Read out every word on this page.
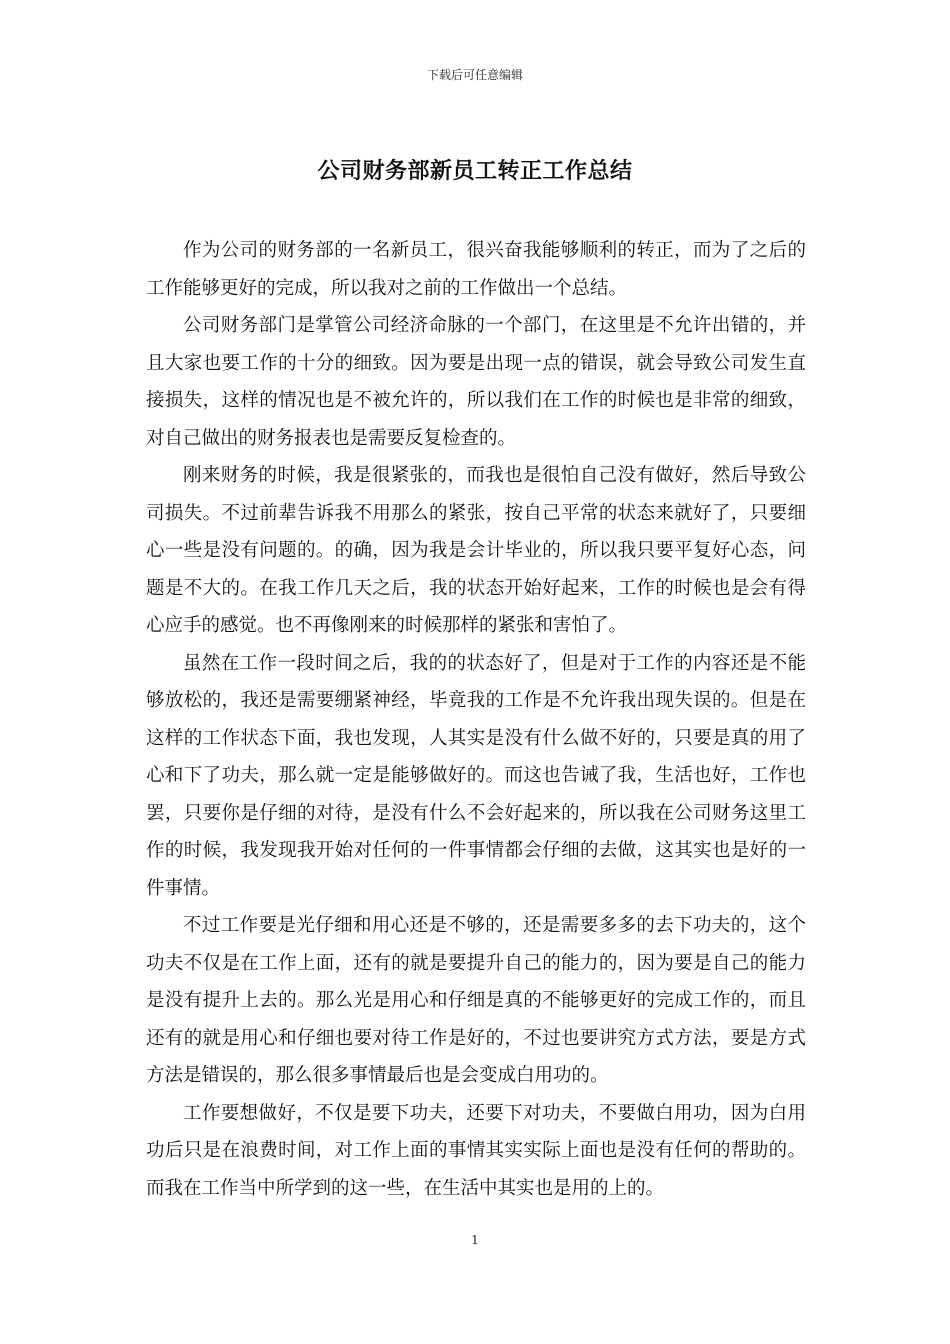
下载后可任意编辑
公司财务部新员工转正工作总结

作为公司的财务部的一名新员工，很兴奋我能够顺利的转正，而为了之后的工作能够更好的完成，所以我对之前的工作做出一个总结。

公司财务部门是掌管公司经济命脉的一个部门，在这里是不允许出错的，并且大家也要工作的十分的细致。因为要是出现一点的错误，就会导致公司发生直接损失，这样的情况也是不被允许的，所以我们在工作的时候也是非常的细致，对自己做出的财务报表也是需要反复检查的。

刚来财务的时候，我是很紧张的，而我也是很怕自己没有做好，然后导致公司损失。不过前辈告诉我不用那么的紧张，按自己平常的状态来就好了，只要细心一些是没有问题的。的确，因为我是会计毕业的，所以我只要平复好心态，问题是不大的。在我工作几天之后，我的状态开始好起来，工作的时候也是会有得心应手的感觉。也不再像刚来的时候那样的紧张和害怕了。

虽然在工作一段时间之后，我的的状态好了，但是对于工作的内容还是不能够放松的，我还是需要绷紧神经，毕竟我的工作是不允许我出现失误的。但是在这样的工作状态下面，我也发现，人其实是没有什么做不好的，只要是真的用了心和下了功夫，那么就一定是能够做好的。而这也告诫了我，生活也好，工作也罢，只要你是仔细的对待，是没有什么不会好起来的，所以我在公司财务这里工作的时候，我发现我开始对任何的一件事情都会仔细的去做，这其实也是好的一件事情。

不过工作要是光仔细和用心还是不够的，还是需要多多的去下功夫的，这个功夫不仅是在工作上面，还有的就是要提升自己的能力的，因为要是自己的能力是没有提升上去的。那么光是用心和仔细是真的不能够更好的完成工作的，而且还有的就是用心和仔细也要对待工作是好的，不过也要讲究方式方法，要是方式方法是错误的，那么很多事情最后也是会变成白用功的。

工作要想做好，不仅是要下功夫，还要下对功夫，不要做白用功，因为白用功后只是在浪费时间，对工作上面的事情其实实际上面也是没有任何的帮助的。而我在工作当中所学到的这一些，在生活中其实也是用的上的。

1
